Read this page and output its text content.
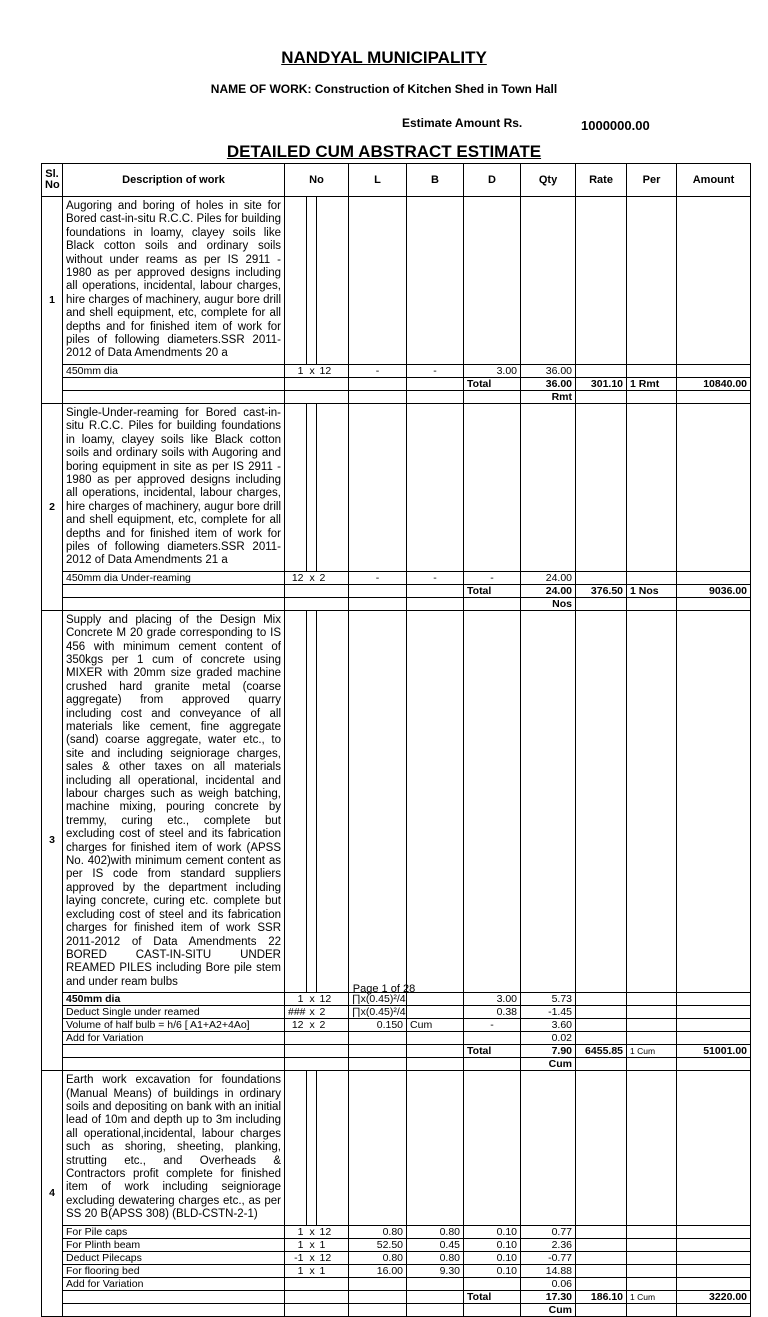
NANDYAL MUNICIPALITY
NAME OF WORK: Construction of Kitchen Shed in Town Hall
Estimate Amount Rs.	1000000.00
DETAILED CUM ABSTRACT ESTIMATE
Sl. No	Description of work	No			L	B	D	Qty	Rate	Per	Amount
1	Augoring and boring of holes in site for Bored cast-in-situ R.C.C. Piles for building foundations in loamy, clayey soils like Black cotton soils and ordinary soils without under reams as per IS 2911 - 1980 as per approved designs including all operations, incidental, labour charges, hire charges of machinery, augur bore drill and shell equipment, etc, complete for all depths and for finished item of work for piles of following diameters.SSR 2011-2012 of Data Amendments 20 a										
	450mm dia	1	x	12	-	-	3.00	36.00			
							Total	36.00	301.10	1 Rmt	10840.00
								Rmt			
2	Single-Under-reaming for Bored cast-in-situ R.C.C. Piles for building foundations in loamy, clayey soils like Black cotton soils and ordinary soils with Augoring and boring equipment in site as per IS 2911 - 1980 as per approved designs including all operations, incidental, labour charges, hire charges of machinery, augur bore drill and shell equipment, etc, complete for all depths and for finished item of work for piles of following diameters.SSR 2011-2012 of Data Amendments 21 a										
	450mm dia Under-reaming	12	x	2	-	-	-	24.00			
							Total	24.00	376.50	1 Nos	9036.00
								Nos			
3	Supply and placing of the Design Mix Concrete M 20 grade corresponding to IS 456 with minimum cement content of 350kgs per 1 cum of concrete using MIXER with 20mm size graded machine crushed hard granite metal (coarse aggregate) from approved quarry including cost and conveyance of all materials like cement, fine aggregate (sand) coarse aggregate, water etc., to site and including seigniorage charges, sales & other taxes on all materials including all operational, incidental and labour charges such as weigh batching, machine mixing, pouring concrete by tremmy, curing etc., complete but excluding cost of steel and its fabrication charges for finished item of work (APSS No. 402)with minimum cement content as per IS code from standard suppliers approved by the department including laying concrete, curing etc. complete but excluding cost of steel and its fabrication charges for finished item of work SSR 2011-2012 of Data Amendments 22 BORED CAST-IN-SITU UNDER REAMED PILES including Bore pile stem and under ream bulbs										
	450mm dia	1	x	12	∏x(0.45)²/4		3.00	5.73			
	Deduct Single under reamed	###	x	2	∏x(0.45)²/4		0.38	-1.45			
	Volume of half bulb = h/6 [ A1+A2+4Ao]	12	x	2	0.150	Cum	-	3.60			
	Add for Variation							0.02			
							Total	7.90	6455.85	1 Cum	51001.00
								Cum			
4	Earth work excavation for foundations (Manual Means) of buildings in ordinary soils and depositing on bank with an initial lead of 10m and depth up to 3m including all operational,incidental, labour charges such as shoring, sheeting, planking, strutting etc., and Overheads & Contractors profit complete for finished item of work including seigniorage excluding dewatering charges etc., as per SS 20 B(APSS 308) (BLD-CSTN-2-1)										
	For Pile caps	1	x	12	0.80	0.80	0.10	0.77			
	For Plinth beam	1	x	1	52.50	0.45	0.10	2.36			
	Deduct Pilecaps	-1	x	12	0.80	0.80	0.10	-0.77			
	For flooring bed	1	x	1	16.00	9.30	0.10	14.88			
	Add for Variation							0.06			
							Total	17.30	186.10	1 Cum	3220.00
								Cum			
Page 1 of 28
